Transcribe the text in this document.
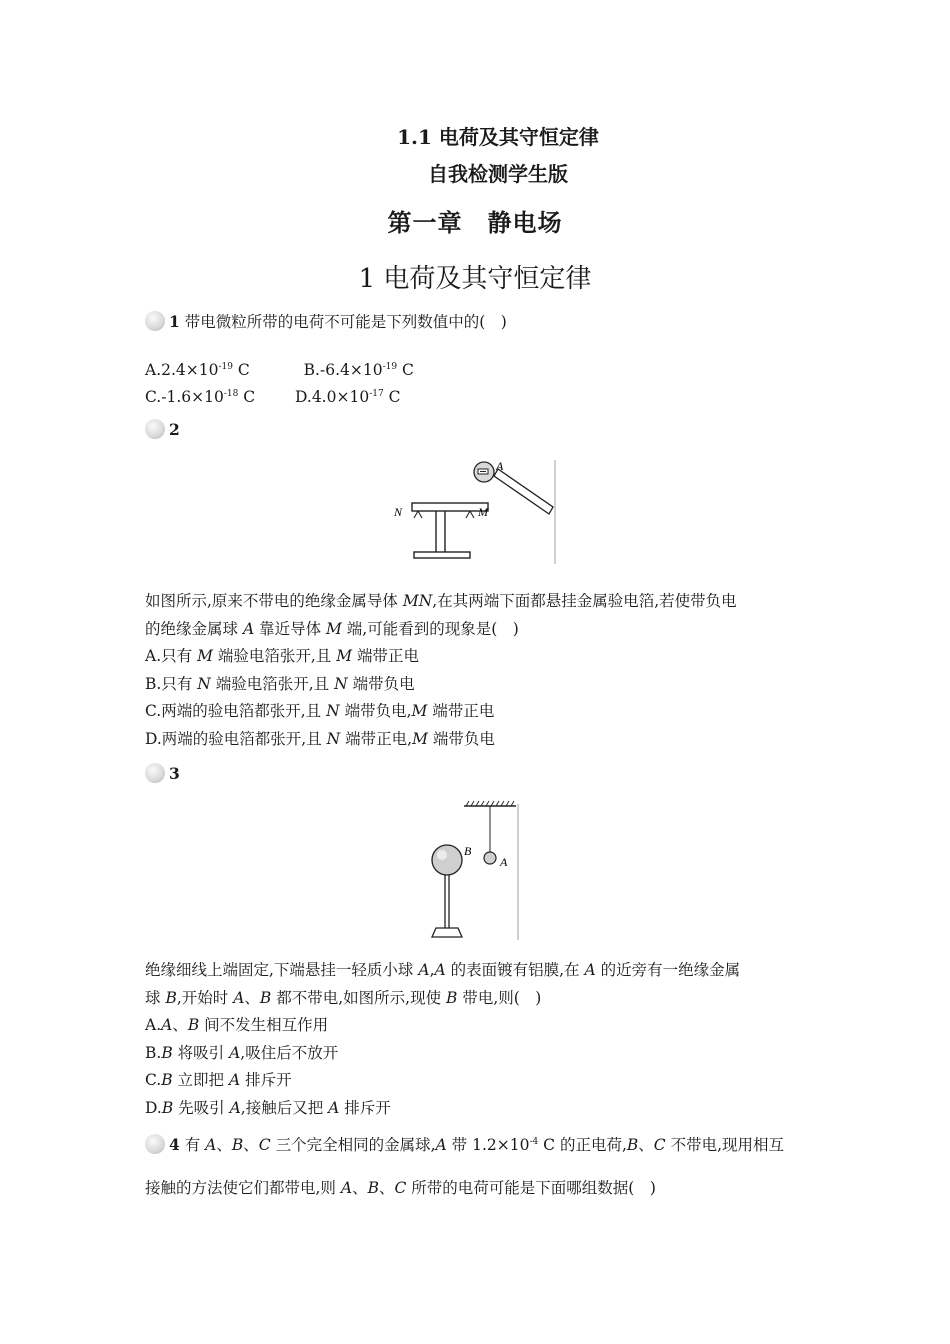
1.1 电荷及其守恒定律
自我检测学生版
第一章　静电场
1 电荷及其守恒定律
1 带电微粒所带的电荷不可能是下列数值中的(　)
$A.2.4\times 10^{-19}$ C	$B.-6.4\times 10^{-19}$ C
$C.-1.6\times 10^{-18}$ C	$D.4.0\times 10^{-17}$ C
2
N	M
A
如图所示,原来不带电的绝缘金属导体 MN,在其两端下面都悬挂金属验电箔,若使带负电
的绝缘金属球 A 靠近导体 M 端,可能看到的现象是(　)
A.只有 M 端验电箔张开,且 M 端带正电
B.只有 N 端验电箔张开,且 N 端带负电
C.两端的验电箔都张开,且 N 端带负电,M 端带正电
D.两端的验电箔都张开,且 N 端带正电,M 端带负电
3
A
B
绝缘细线上端固定,下端悬挂一轻质小球 A,A 的表面镀有铝膜,在 A 的近旁有一绝缘金属
球 B,开始时 A、B 都不带电,如图所示,现使 B 带电,则(　)
A.A、B 间不发生相互作用
B.B 将吸引 A,吸住后不放开
C.B 立即把 A 排斥开
D.B 先吸引 A,接触后又把 A 排斥开
4 有 A、B、C 三个完全相同的金属球,A 带 $1.2\times 10^{-4}$ C 的正电荷,B、C 不带电,现用相互
接触的方法使它们都带电,则 A、B、C 所带的电荷可能是下面哪组数据(　)
